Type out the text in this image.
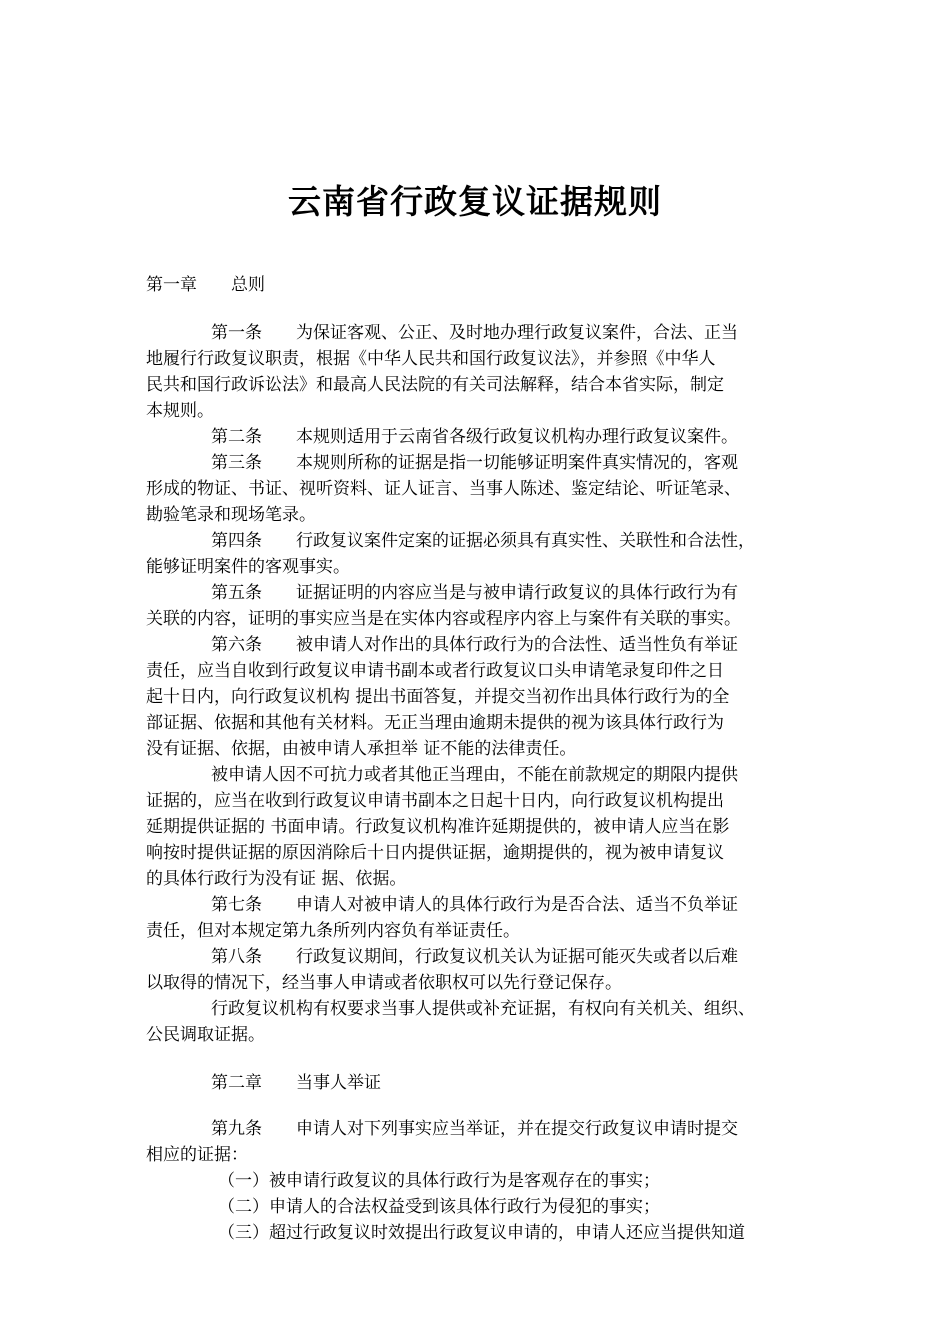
云南省行政复议证据规则
第一章　　总则
第一条　　为保证客观、公正、及时地办理行政复议案件，合法、正当
地履行行政复议职责，根据《中华人民共和国行政复议法》，并参照《中华人
民共和国行政诉讼法》和最高人民法院的有关司法解释，结合本省实际，制定
本规则。
第二条　　本规则适用于云南省各级行政复议机构办理行政复议案件。
第三条　　本规则所称的证据是指一切能够证明案件真实情况的，客观
形成的物证、书证、视听资料、证人证言、当事人陈述、鉴定结论、听证笔录、
勘验笔录和现场笔录。
第四条　　行政复议案件定案的证据必须具有真实性、关联性和合法性，
能够证明案件的客观事实。
第五条　　证据证明的内容应当是与被申请行政复议的具体行政行为有
关联的内容，证明的事实应当是在实体内容或程序内容上与案件有关联的事实。
第六条　　被申请人对作出的具体行政行为的合法性、适当性负有举证
责任，应当自收到行政复议申请书副本或者行政复议口头申请笔录复印件之日
起十日内，向行政复议机构 提出书面答复，并提交当初作出具体行政行为的全
部证据、依据和其他有关材料。无正当理由逾期未提供的视为该具体行政行为
没有证据、依据，由被申请人承担举 证不能的法律责任。
被申请人因不可抗力或者其他正当理由，不能在前款规定的期限内提供
证据的，应当在收到行政复议申请书副本之日起十日内，向行政复议机构提出
延期提供证据的 书面申请。行政复议机构准许延期提供的，被申请人应当在影
响按时提供证据的原因消除后十日内提供证据，逾期提供的，视为被申请复议
的具体行政行为没有证 据、依据。
第七条　　申请人对被申请人的具体行政行为是否合法、适当不负举证
责任，但对本规定第九条所列内容负有举证责任。
第八条　　行政复议期间，行政复议机关认为证据可能灭失或者以后难
以取得的情况下，经当事人申请或者依职权可以先行登记保存。
行政复议机构有权要求当事人提供或补充证据，有权向有关机关、组织、
公民调取证据。
第二章　　当事人举证
第九条　　申请人对下列事实应当举证，并在提交行政复议申请时提交
相应的证据：
（一）被申请行政复议的具体行政行为是客观存在的事实；
（二）申请人的合法权益受到该具体行政行为侵犯的事实；
（三）超过行政复议时效提出行政复议申请的，申请人还应当提供知道
